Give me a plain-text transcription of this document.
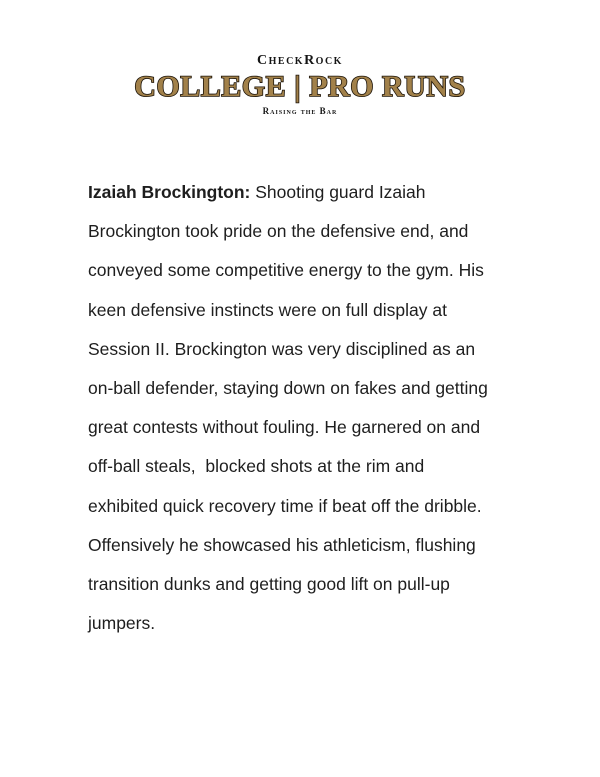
CheckRock
COLLEGE | PRO RUNS
Raising the Bar

Izaiah Brockington: Shooting guard Izaiah

Brockington took pride on the defensive end, and

conveyed some competitive energy to the gym. His

keen defensive instincts were on full display at

Session II. Brockington was very disciplined as an

on-ball defender, staying down on fakes and getting

great contests without fouling. He garnered on and

off-ball steals,  blocked shots at the rim and

exhibited quick recovery time if beat off the dribble.

Offensively he showcased his athleticism, flushing

transition dunks and getting good lift on pull-up

jumpers.
